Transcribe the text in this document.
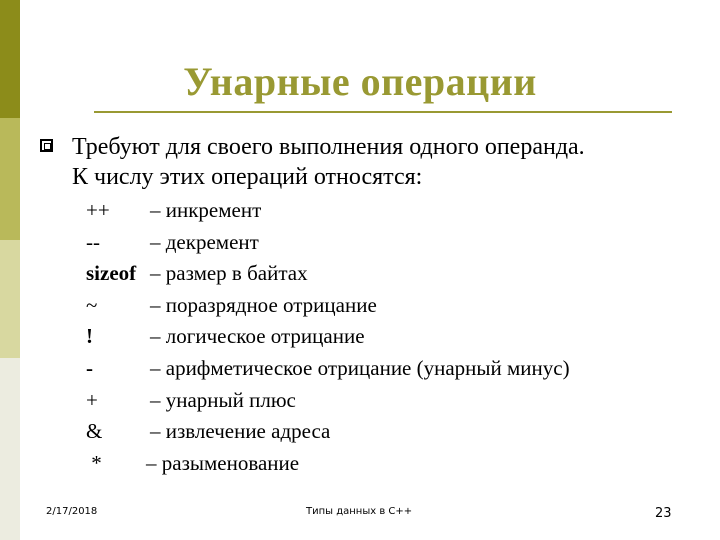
Унарные операции
Требуют для своего выполнения одного операнда.
К числу этих операций относятся:
++	– инкремент
--	– декремент
sizeof – размер в байтах
~	– поразрядное отрицание
!	– логическое отрицание
-	– арифметическое отрицание (унарный минус)
+	– унарный плюс
&	– извлечение адреса
*	– разыменование
2/17/2018	Типы данных в C++	23
